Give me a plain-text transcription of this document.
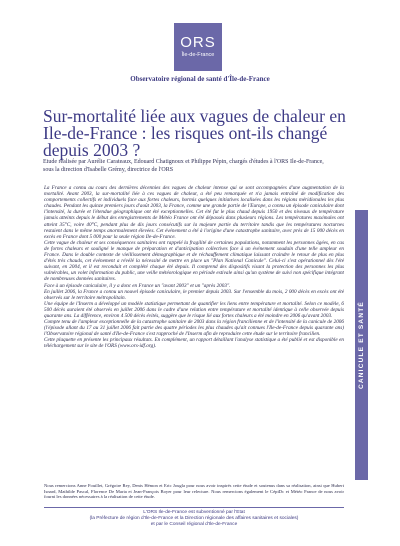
ORS
Île-de-France
Observatoire régional de santé d'Île-de-France
Sur-mortalité liée aux vagues de chaleur en Ile-de-France : les risques ont-ils changé depuis 2003 ?
Etude réalisée par Aurélie Carateaux, Edouard Chatignoux et Philippe Pépin, chargés d'études à l'ORS Ile-de-France, sous la direction d'Isabelle Grémy, directrice de l'ORS

La France a connu au cours des dernières décennies des vagues de chaleur intense qui se sont accompagnées d'une augmentation de la mortalité. Avant 2003, la sur-mortalité liée à ces vagues de chaleur, a été peu remarquée et n'a jamais entraîné de modification des comportements collectifs et individuels face aux fortes chaleurs, hormis quelques initiatives localisées dans les régions méridionales les plus chaudes. Pendant les quinze premiers jours d'août 2003, la France, comme une grande partie de l'Europe, a connu un épisode caniculaire dont l'intensité, la durée et l'étendue géographique ont été exceptionnelles. Cet été fut le plus chaud depuis 1950 et des niveaux de température jamais atteints depuis le début des enregistrements de Météo France ont été dépassés dans plusieurs régions. Les températures maximales ont atteint 35°C, voire 40°C, pendant plus de dix jours consécutifs sur la majeure partie du territoire tandis que les températures nocturnes restaient dans le même temps anormalement élevées. Cet événement a été à l'origine d'une catastrophe sanitaire, avec près de 15 000 décès en excès en France dont 5 000 pour la seule région Ile-de-France.

Cette vague de chaleur et ses conséquences sanitaires ont rappelé la fragilité de certaines populations, notamment les personnes âgées, en cas de fortes chaleurs et souligné le manque de préparation et d'anticipation collectives face à un événement soudain d'une telle ampleur en France. Dans le double contexte de vieillissement démographique et de réchauffement climatique laissant craindre le retour de plus en plus d'étés très chauds, cet événement a révélé la nécessité de mettre en place un "Plan National Canicule". Celui-ci s'est opérationnel dès l'été suivant, en 2004, et il est reconduit et complété chaque été depuis. Il comprend des dispositifs visant la protection des personnes les plus vulnérables, un volet information du public, une veille météorologique en période estivale ainsi qu'un système de suivi non spécifique intégrant de nombreuses données sanitaires.

Face à un épisode caniculaire, il y a donc en France un "avant 2003" et un "après 2003".

En juillet 2006, la France a connu un nouvel épisode caniculaire, le premier depuis 2003. Sur l'ensemble du mois, 2 000 décès en excès ont été observés sur le territoire métropolitain.

Une équipe de l'Inserm a développé un modèle statistique permettant de quantifier les liens entre température et mortalité. Selon ce modèle, 6 500 décès auraient été observés en juillet 2006 dans le cadre d'une relation entre température et mortalité identique à celle observée depuis quarante ans. La différence, environ 4 500 décès évités, suggère que le risque lié aux fortes chaleurs a été moindre en 2006 qu'avant 2003.

Compte tenu de l'ampleur exceptionnelle de la catastrophe sanitaire de 2003 dans la région francilienne et de l'intensité de la canicule de 2006 (l'épisode allant du 17 au 31 juillet 2006 fait partie des quatre périodes les plus chaudes qu'ait connues l'Ile-de-France depuis quarante ans) l'Observatoire régional de santé d'Ile-de-France s'est rapproché de l'Inserm afin de reproduire cette étude sur le territoire francilien.

Cette plaquette en présente les principaux résultats. En complément, un rapport détaillant l'analyse statistique a été publié et est disponible en téléchargement sur le site de l'ORS (www.ors-idf.org).	CANICULE ET SANTÉ
Nous remercions Anne Fouillet, Grégoire Rey, Denis Hémon et Eric Jougla pour nous avoir inspirés cette étude et soutenus dans sa réalisation, ainsi que Hubert Isnard, Mathilde Pascal, Florence De Maria et Jean-François Boyer pour leur relecture. Nous remercions également le CépiDc et Météo France de nous avoir fourni les données nécessaires à la réalisation de cette étude.
L'ORS Ile-de-France est subventionné par l'Etat
(la Préfecture de région d'Ile-de-France et la Direction régionale des affaires sanitaires et sociales)
et par le Conseil régional d'Ile-de-France
